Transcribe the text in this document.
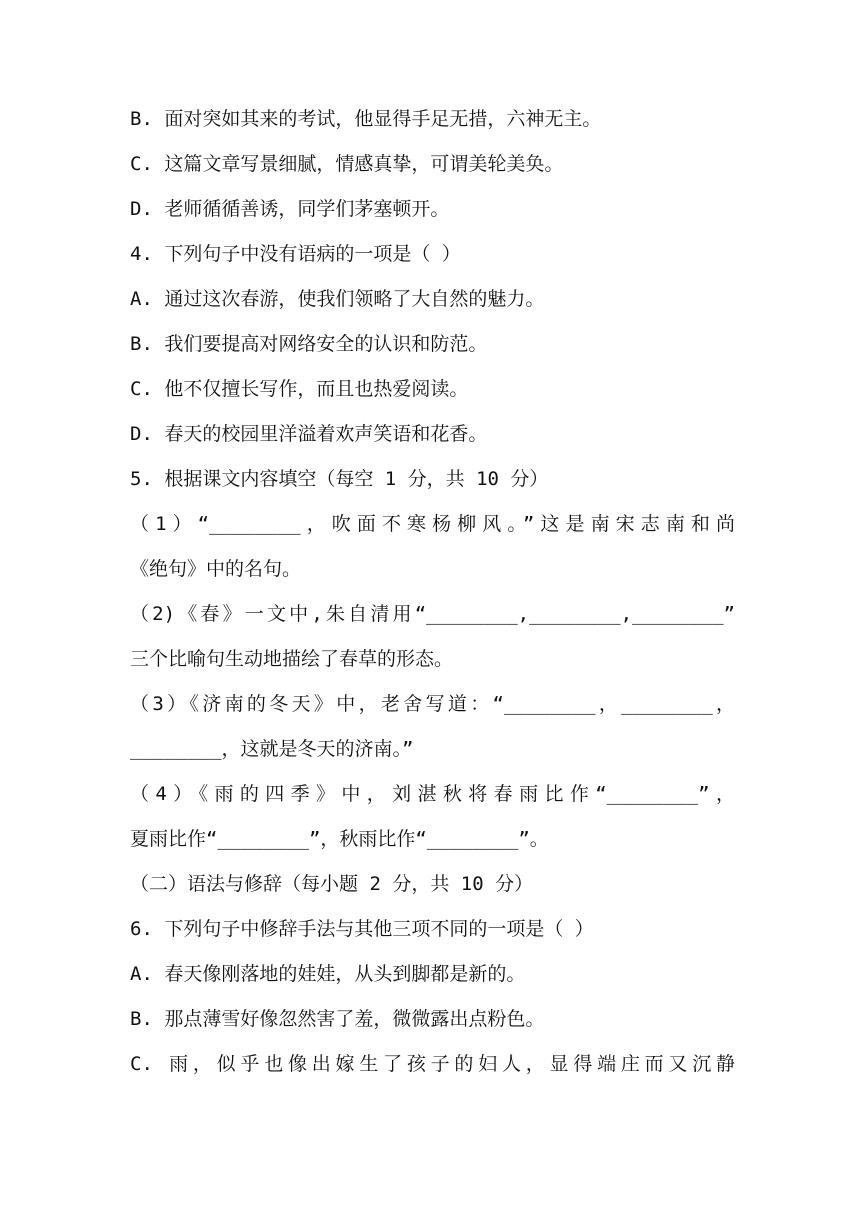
B. 面对突如其来的考试，他显得手足无措，六神无主。
C. 这篇文章写景细腻，情感真挚，可谓美轮美奂。
D. 老师循循善诱，同学们茅塞顿开。
4. 下列句子中没有语病的一项是（ ）
A. 通过这次春游，使我们领略了大自然的魅力。
B. 我们要提高对网络安全的认识和防范。
C. 他不仅擅长写作，而且也热爱阅读。
D. 春天的校园里洋溢着欢声笑语和花香。
5. 根据课文内容填空（每空 1 分，共 10 分）
（1）“________，吹面不寒杨柳风。”这是南宋志南和尚
《绝句》中的名句。
（2)《春》一文中,朱自清用“________,________,________”
三个比喻句生动地描绘了春草的形态。
（3）《济南的冬天》中，老舍写道：“________，________，
________，这就是冬天的济南。”
（4）《雨的四季》中，刘湛秋将春雨比作“________”，
夏雨比作“________”，秋雨比作“________”。
（二）语法与修辞（每小题 2 分，共 10 分）
6. 下列句子中修辞手法与其他三项不同的一项是（ ）
A. 春天像刚落地的娃娃，从头到脚都是新的。
B. 那点薄雪好像忽然害了羞，微微露出点粉色。
C. 雨，似乎也像出嫁生了孩子的妇人，显得端庄而又沉静
